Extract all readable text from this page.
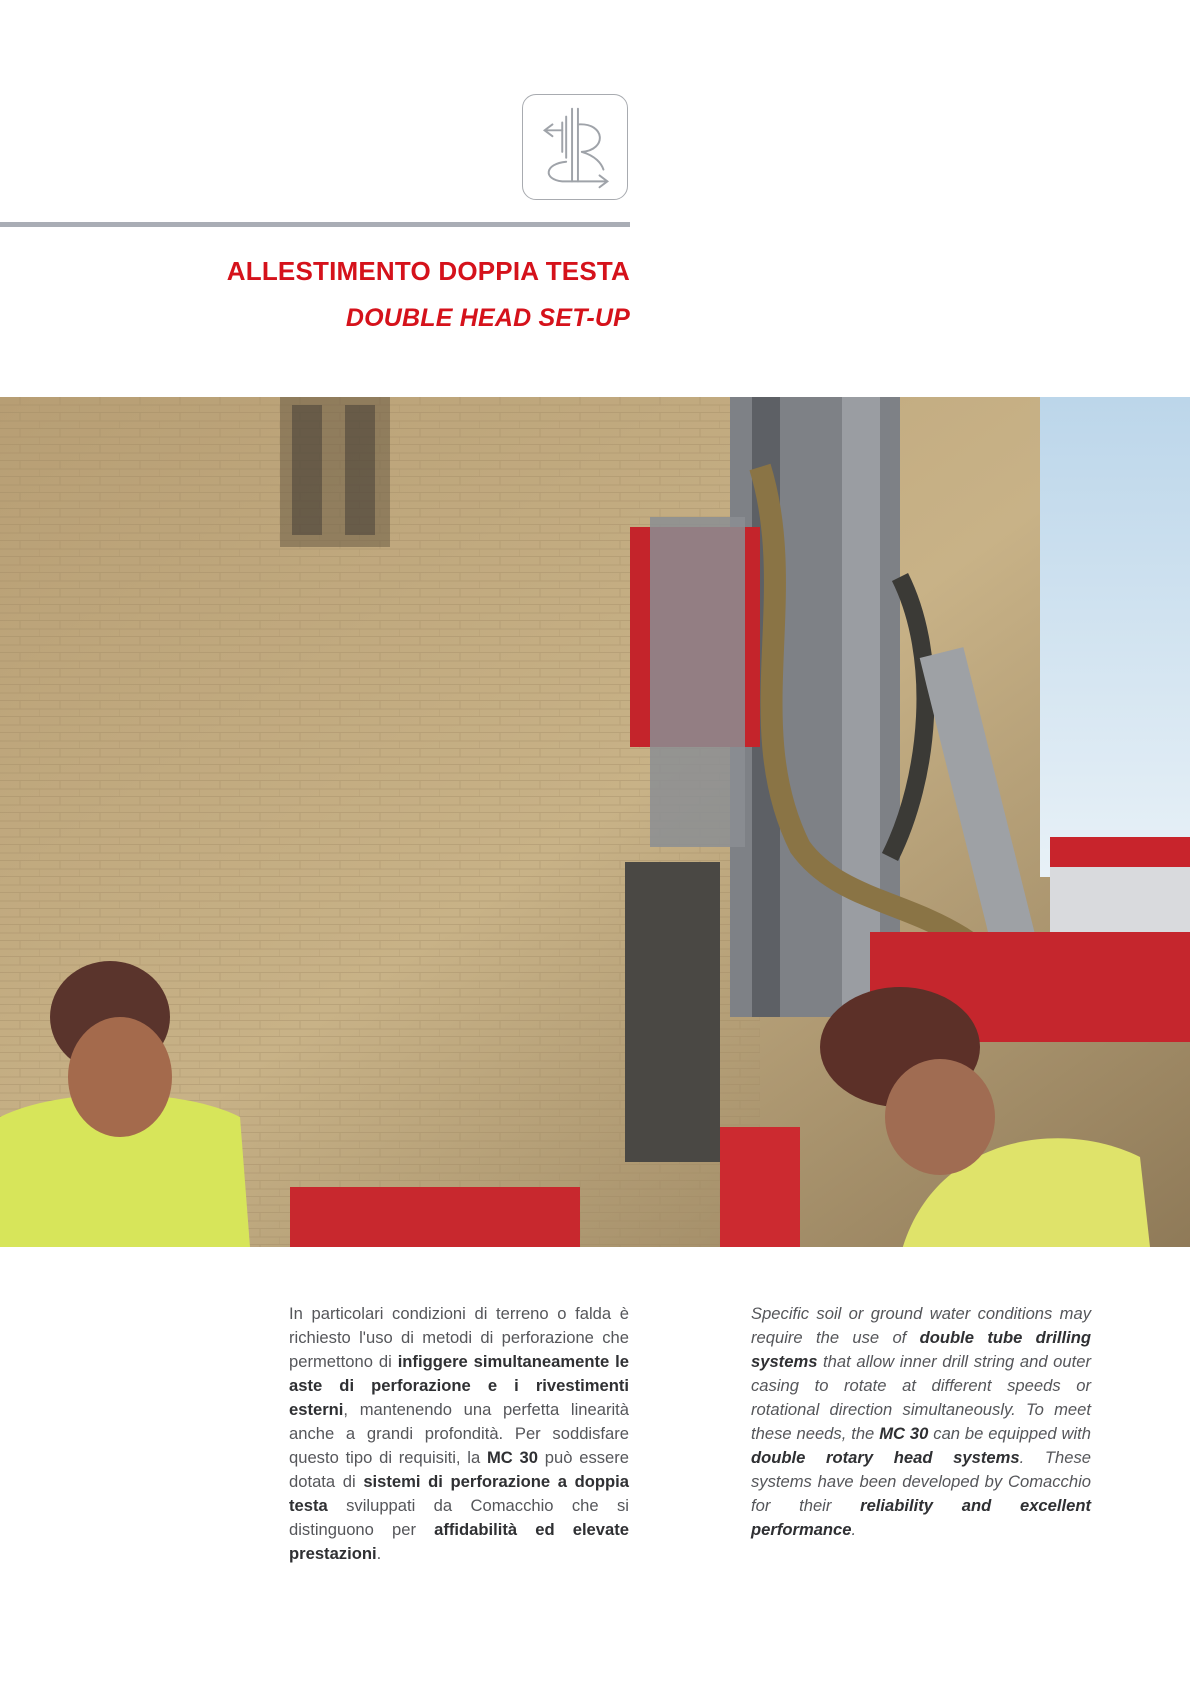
ALLESTIMENTO DOPPIA TESTA
DOUBLE HEAD SET-UP
In particolari condizioni di terreno o falda è richiesto l'uso di metodi di perforazione che permettono di infiggere simultaneamente le aste di perforazione e i rivestimenti esterni, mantenendo una perfetta linearità anche a grandi profondità. Per soddisfare questo tipo di requisiti, la MC 30 può essere dotata di sistemi di perforazione a doppia testa sviluppati da Comacchio che si distinguono per affidabilità ed elevate prestazioni.
Specific soil or ground water conditions may require the use of double tube drilling systems that allow inner drill string and outer casing to rotate at different speeds or rotational direction simultaneously. To meet these needs, the MC 30 can be equipped with double rotary head systems. These systems have been developed by Comacchio for their reliability and excellent performance.
